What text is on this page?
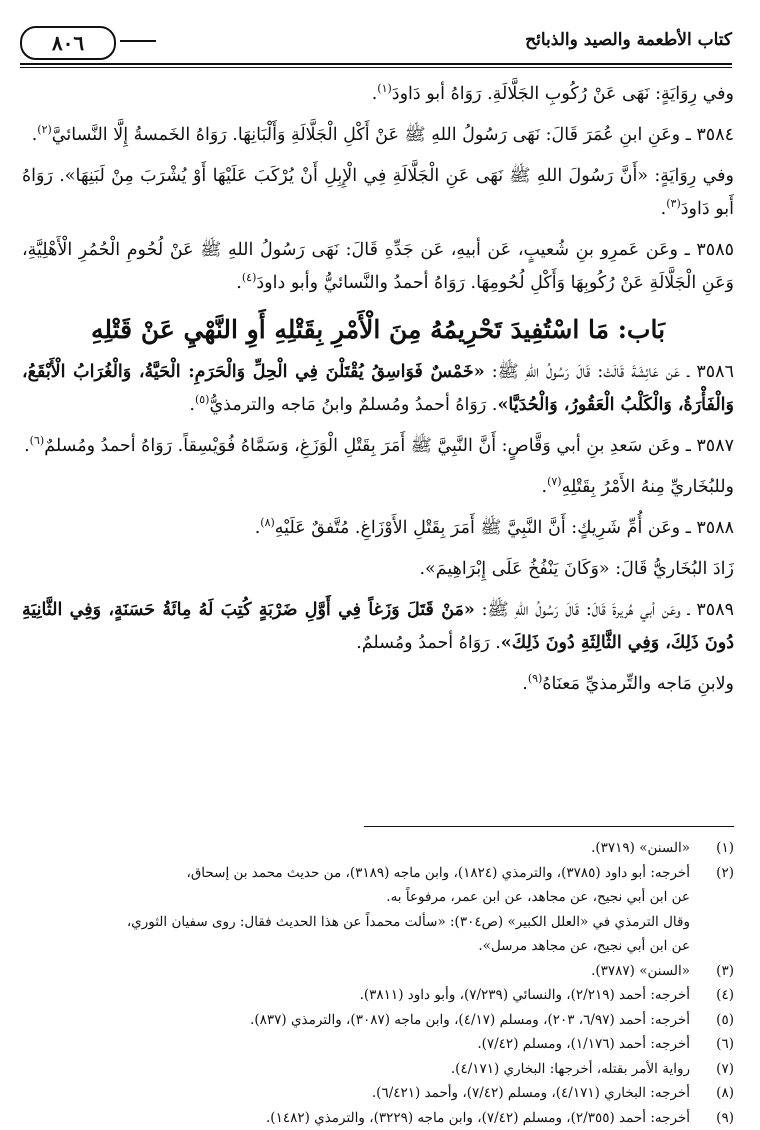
كتاب الأطعمة والصيد والذبائح
٨٠٦

وفي رِوَايَةٍ: نَهَى عَنْ رُكُوبِ الجَلَّالَةِ. رَوَاهُ أبو دَاودَ$^{(١)}$.

٣٥٨٤ ـ وعَنِ ابنِ عُمَرَ قَالَ: نَهَى رَسُولُ اللهِ ﷺ عَنْ أَكْلِ الْجَلَّالَةِ وَأَلْبَانِهَا. رَوَاهُ الخَمسةُ إِلَّا النَّسائيَّ$^{(٢)}$.

وفي رِوَايَةٍ: «أَنَّ رَسُولَ اللهِ ﷺ نَهَى عَنِ الْجَلَّالَةِ فِي الْإِبِلِ أَنْ يُرْكَبَ عَلَيْهَا أَوْ يُشْرَبَ مِنْ لَبَنِهَا». رَوَاهُ أَبو دَاودَ$^{(٣)}$.

٣٥٨٥ ـ وعَن عَمرِو بنِ شُعيبٍ، عَن أبيهِ، عَن جَدِّهِ قَالَ: نَهَى رَسُولُ اللهِ ﷺ عَنْ لُحُومِ الْحُمُرِ الْأَهْلِيَّةِ، وَعَنِ الْجَلَّالَةِ عَنْ رُكُوبِهَا وَأَكْلِ لُحُومِهَا. رَوَاهُ أحمدُ والنَّسائيُّ وأبو داودَ$^{(٤)}$.

بَاب: مَا اسْتُفِيدَ تَحْرِيمُهُ مِنَ الْأَمْرِ بِقَتْلِهِ أَوِ النَّهْيِ عَنْ قَتْلِهِ

٣٥٨٦ ـ عَن عَائِشَةَ قَالَتْ: قَالَ رَسُولُ اللهِ ﷺ: «خَمْسٌ فَوَاسِقُ يُقْتَلْنَ فِي الْحِلِّ وَالْحَرَمِ: الْحَيَّةُ، وَالْغُرَابُ الْأَبْقَعُ، وَالْفَأْرَةُ، وَالْكَلْبُ الْعَقُورُ، وَالْحُدَيَّا». رَوَاهُ أحمدُ ومُسلمٌ وابنُ مَاجه والترمذيُّ$^{(٥)}$.

٣٥٨٧ ـ وعَن سَعدِ بنِ أبي وَقَّاصٍ: أَنَّ النَّبِيَّ ﷺ أَمَرَ بِقَتْلِ الْوَزَغِ، وَسَمَّاهُ فُوَيْسِقاً. رَوَاهُ أحمدُ ومُسلمٌ$^{(٦)}$.

وللبُخَاريِّ مِنهُ الأَمْرُ بِقَتْلِهِ$^{(٧)}$.

٣٥٨٨ ـ وعَن أُمِّ شَرِيكٍ: أَنَّ النَّبِيَّ ﷺ أَمَرَ بِقَتْلِ الأَوْزَاغِ. مُتَّفقٌ عَلَيْهِ$^{(٨)}$.

زَادَ البُخَاريُّ قَالَ: «وَكَانَ يَنْفُخُ عَلَى إِبْرَاهِيمَ».

٣٥٨٩ ـ وعَن أبي هُريرةَ قَالَ: قَالَ رَسُولُ اللهِ ﷺ: «مَنْ قَتَلَ وَزَغاً فِي أَوَّلِ ضَرْبَةٍ كُتِبَ لَهُ مِائَةُ حَسَنَةٍ، وَفِي الثَّانِيَةِ دُونَ ذَلِكَ، وَفِي الثَّالِثَةِ دُونَ ذَلِكَ». رَوَاهُ أحمدُ ومُسلمٌ.

ولابنِ مَاجه والتِّرمذيِّ مَعنَاهُ$^{(٩)}$.

(١)
«السنن» (٣٧١٩).
(٢)
أخرجه: أبو داود (٣٧٨٥)، والترمذي (١٨٢٤)، وابن ماجه (٣١٨٩)، من حديث محمد بن إسحاق،
عن ابن أبي نجيح، عن مجاهد، عن ابن عمر، مرفوعاً به.
وقال الترمذي في «العلل الكبير» (ص٣٠٤): «سألت محمداً عن هذا الحديث فقال: روى سفيان الثوري،
عن ابن أبي نجيح، عن مجاهد مرسل».
(٣)
«السنن» (٣٧٨٧).
(٤)
أخرجه: أحمد (٢/٢١٩)، والنسائي (٧/٢٣٩)، وأبو داود (٣٨١١).
(٥)
أخرجه: أحمد (٦/٩٧، ٢٠٣)، ومسلم (٤/١٧)، وابن ماجه (٣٠٨٧)، والترمذي (٨٣٧).
(٦)
أخرجه: أحمد (١/١٧٦)، ومسلم (٧/٤٢).
(٧)
رواية الأمر بقتله، أخرجها: البخاري (٤/١٧١).
(٨)
أخرجه: البخاري (٤/١٧١)، ومسلم (٧/٤٢)، وأحمد (٦/٤٢١).
(٩)
أخرجه: أحمد (٢/٣٥٥)، ومسلم (٧/٤٢)، وابن ماجه (٣٢٢٩)، والترمذي (١٤٨٢).
